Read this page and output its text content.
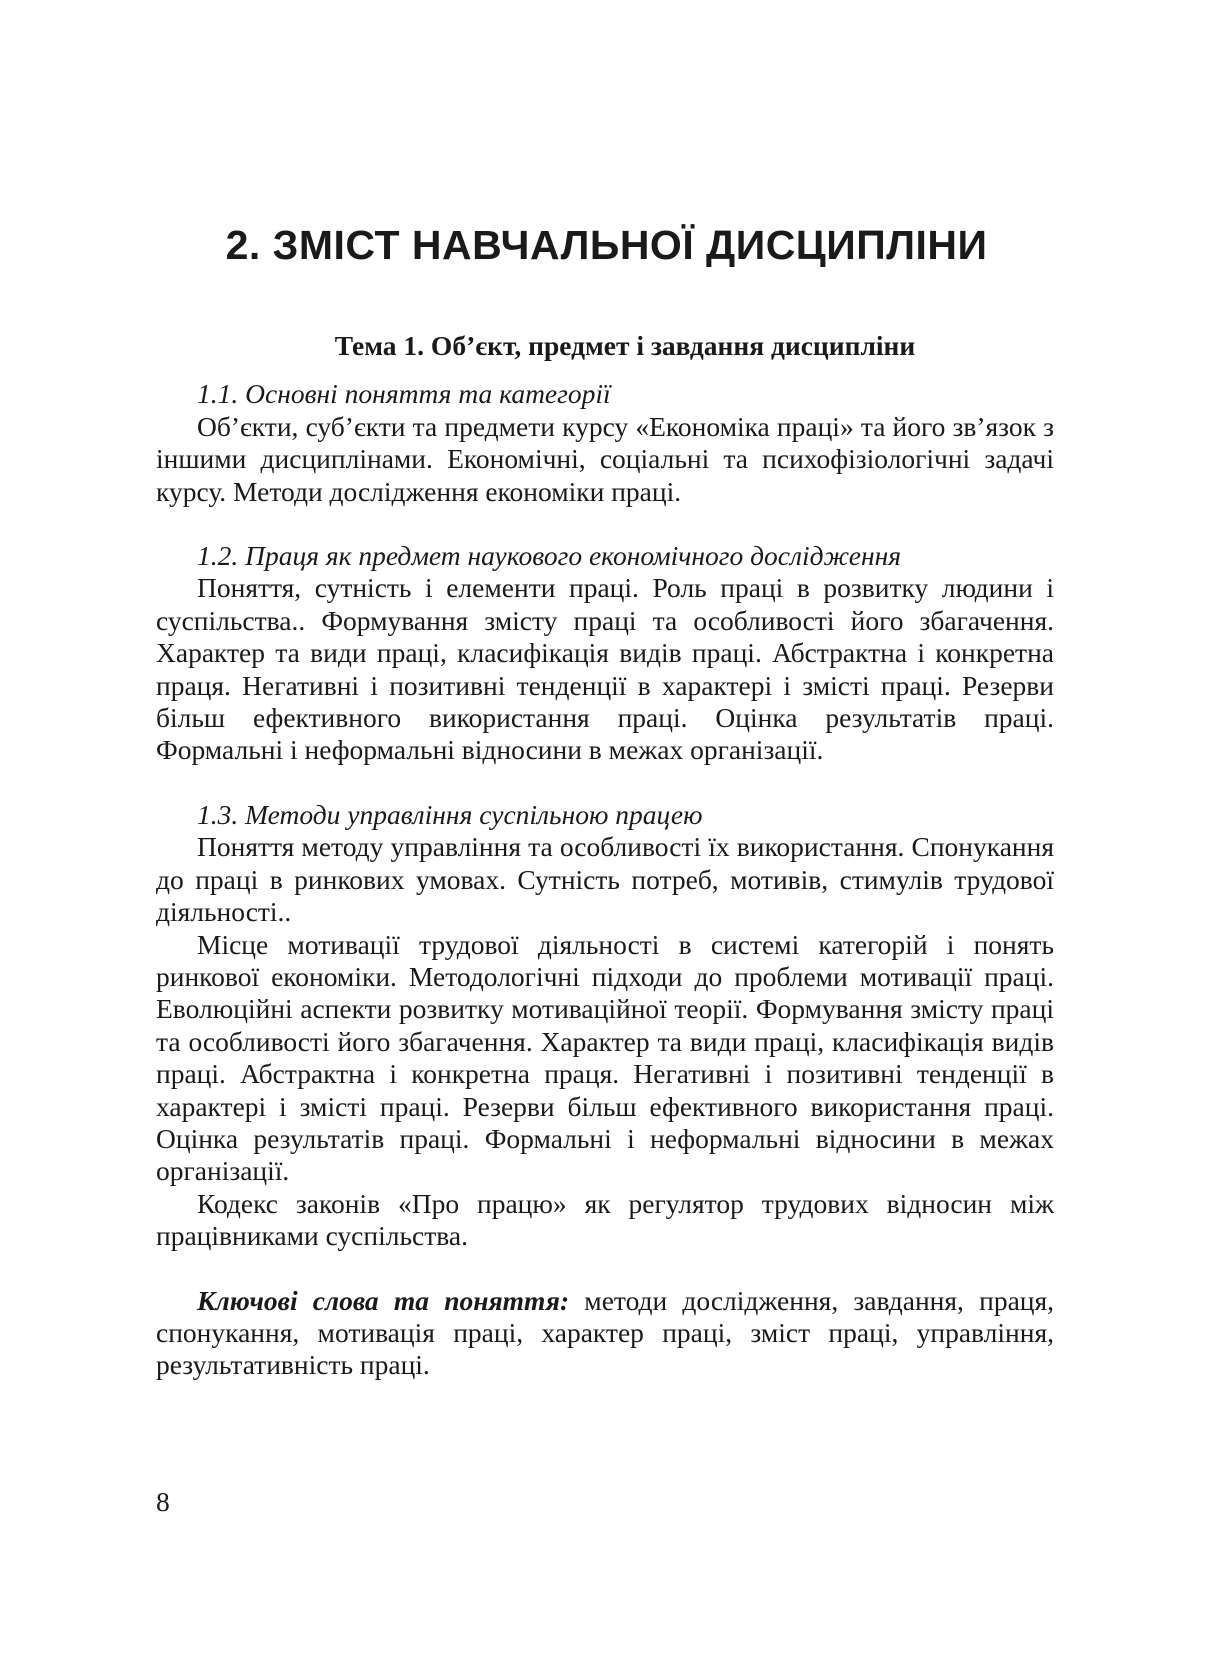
2. ЗМІСТ НАВЧАЛЬНОЇ ДИСЦИПЛІНИ
Тема 1. Об’єкт, предмет і завдання дисципліни
1.1. Основні поняття та категорії

Об’єкти, суб’єкти та предмети курсу «Економіка праці» та його зв’язок з іншими дисциплінами. Економічні, соціальні та психофізіологічні задачі курсу. Методи дослідження економіки праці.

1.2. Праця як предмет наукового економічного дослідження

Поняття, сутність і елементи праці. Роль праці в розвитку людини і суспільства.. Формування змісту праці та особливості його збагачення. Характер та види праці, класифікація видів праці. Абстрактна і конкретна праця. Негативні і позитивні тенденції в характері і змісті праці. Резерви більш ефективного використання праці. Оцінка результатів праці. Формальні і неформальні відносини в межах організації.

1.3. Методи управління суспільною працею

Поняття методу управління та особливості їх використання. Спонукання до праці в ринкових умовах. Сутність потреб, мотивів, стимулів трудової діяльності..

Місце мотивації трудової діяльності в системі категорій і понять ринкової економіки. Методологічні підходи до проблеми мотивації праці. Еволюційні аспекти розвитку мотиваційної теорії. Формування змісту праці та особливості його збагачення. Характер та види праці, класифікація видів праці. Абстрактна і конкретна праця. Негативні і позитивні тенденції в характері і змісті праці. Резерви більш ефективного використання праці. Оцінка результатів праці. Формальні і неформальні відносини в межах організації.

Кодекс законів «Про працю» як регулятор трудових відносин між працівниками суспільства.

Ключові слова та поняття: методи дослідження, завдання, праця, спонукання, мотивація праці, характер праці, зміст праці, управління, результативність праці.

8
